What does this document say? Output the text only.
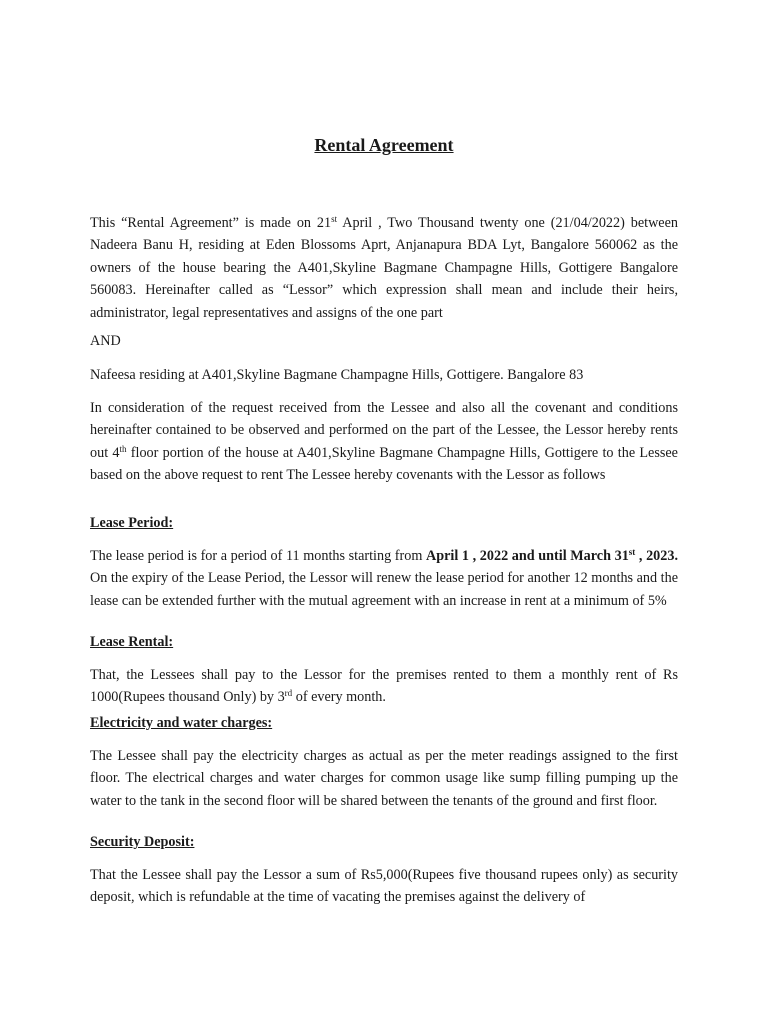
Rental Agreement

This “Rental Agreement” is made on 21st April , Two Thousand twenty one (21/04/2022) between Nadeera Banu H, residing at Eden Blossoms Aprt, Anjanapura BDA Lyt, Bangalore 560062 as the owners of the house bearing the A401,Skyline Bagmane Champagne Hills, Gottigere Bangalore 560083. Hereinafter called as “Lessor” which expression shall mean and include their heirs, administrator, legal representatives and assigns of the one part

AND

Nafeesa residing at A401,Skyline Bagmane Champagne Hills, Gottigere. Bangalore 83

In consideration of the request received from the Lessee and also all the covenant and conditions hereinafter contained to be observed and performed on the part of the Lessee, the Lessor hereby rents out 4th floor portion of the house at A401,Skyline Bagmane Champagne Hills, Gottigere to the Lessee based on the above request to rent The Lessee hereby covenants with the Lessor as follows

Lease Period:

The lease period is for a period of 11 months starting from April 1 , 2022 and until March 31st , 2023. On the expiry of the Lease Period, the Lessor will renew the lease period for another 12 months and the lease can be extended further with the mutual agreement with an increase in rent at a minimum of 5%

Lease Rental:

That, the Lessees shall pay to the Lessor for the premises rented to them a monthly rent of Rs 1000(Rupees thousand Only) by 3rd of every month.

Electricity and water charges:

The Lessee shall pay the electricity charges as actual as per the meter readings assigned to the first floor. The electrical charges and water charges for common usage like sump filling pumping up the water to the tank in the second floor will be shared between the tenants of the ground and first floor.

Security Deposit:

That the Lessee shall pay the Lessor a sum of Rs5,000(Rupees five thousand rupees only) as security deposit, which is refundable at the time of vacating the premises against the delivery of
